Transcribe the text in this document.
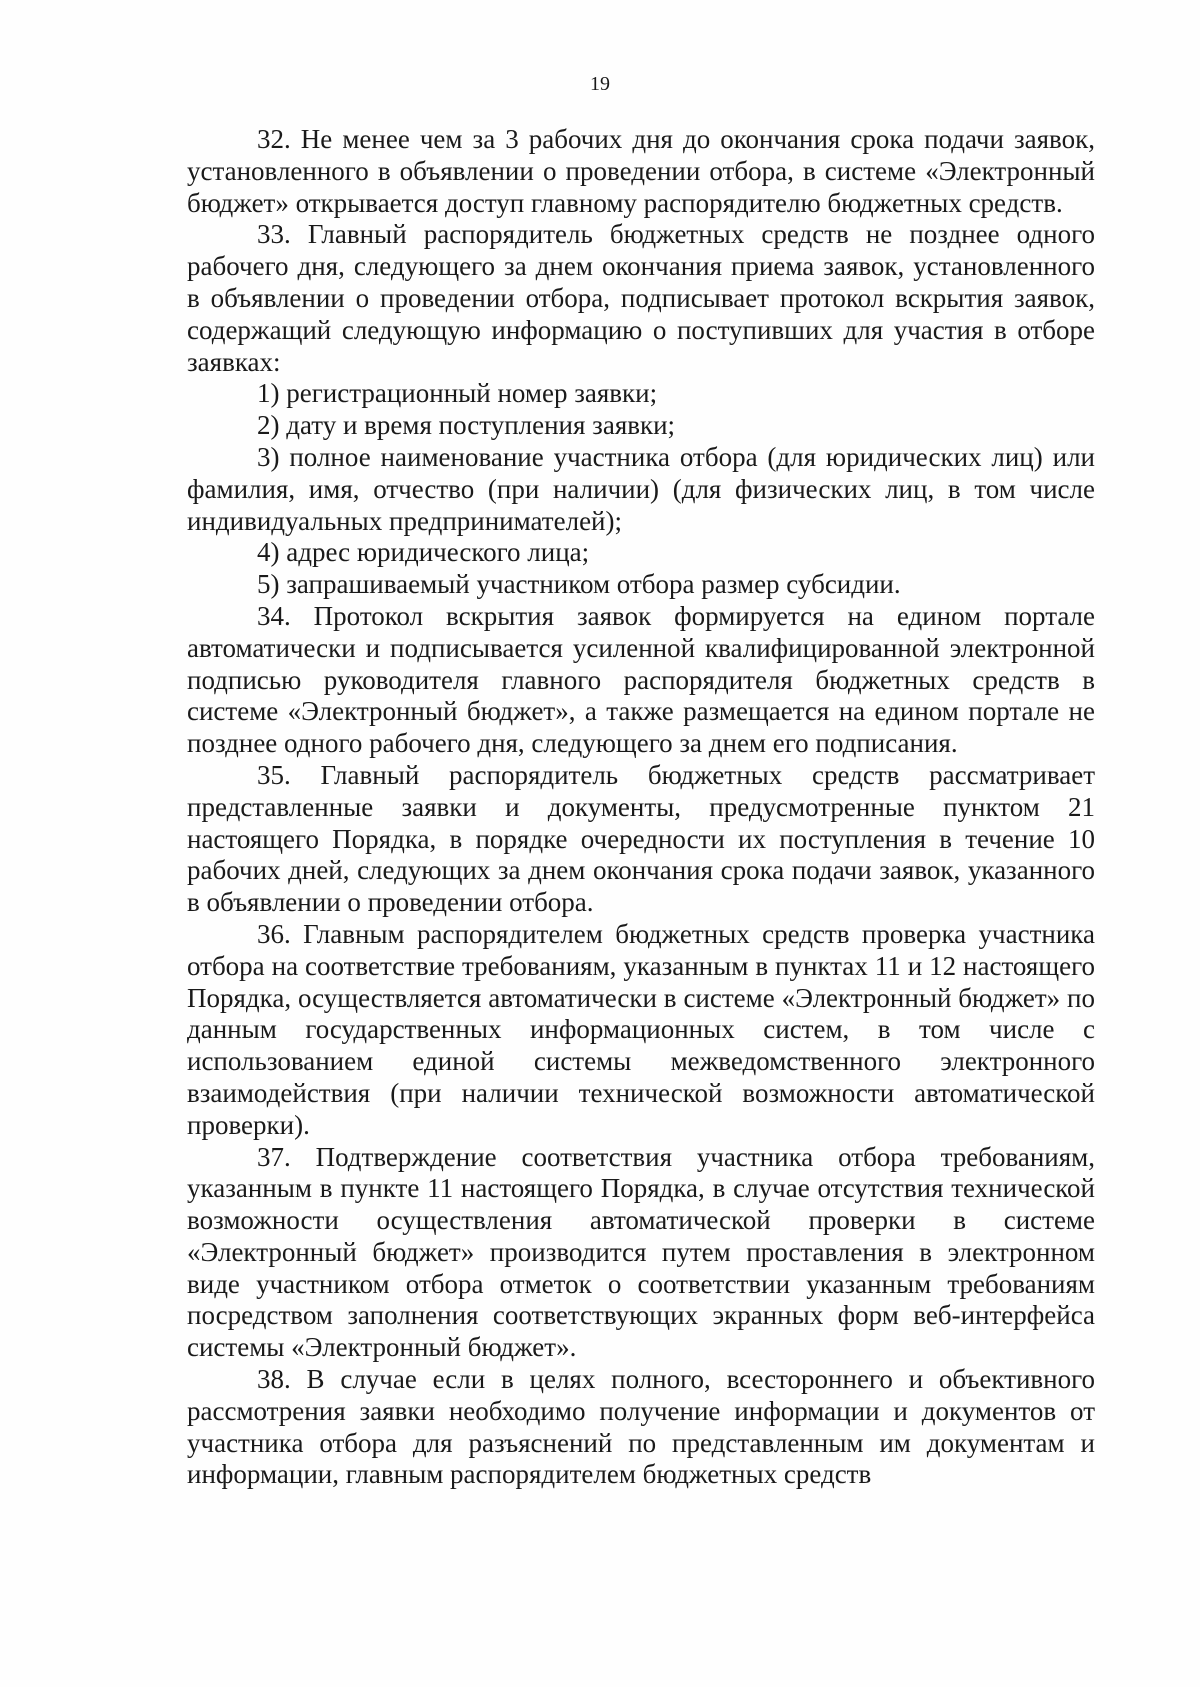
19

32. Не менее чем за 3 рабочих дня до окончания срока подачи заявок, установленного в объявлении о проведении отбора, в системе «Электронный бюджет» открывается доступ главному распорядителю бюджетных средств.

33. Главный распорядитель бюджетных средств не позднее одного рабочего дня, следующего за днем окончания приема заявок, установленного в объявлении о проведении отбора, подписывает протокол вскрытия заявок, содержащий следующую информацию о поступивших для участия в отборе заявках:

1) регистрационный номер заявки;

2) дату и время поступления заявки;

3) полное наименование участника отбора (для юридических лиц) или фамилия, имя, отчество (при наличии) (для физических лиц, в том числе индивидуальных предпринимателей);

4) адрес юридического лица;

5) запрашиваемый участником отбора размер субсидии.

34. Протокол вскрытия заявок формируется на едином портале автоматически и подписывается усиленной квалифицированной электронной подписью руководителя главного распорядителя бюджетных средств в системе «Электронный бюджет», а также размещается на едином портале не позднее одного рабочего дня, следующего за днем его подписания.

35. Главный распорядитель бюджетных средств рассматривает представленные заявки и документы, предусмотренные пунктом 21 настоящего Порядка, в порядке очередности их поступления в течение 10 рабочих дней, следующих за днем окончания срока подачи заявок, указанного в объявлении о проведении отбора.

36. Главным распорядителем бюджетных средств проверка участника отбора на соответствие требованиям, указанным в пунктах 11 и 12 настоящего Порядка, осуществляется автоматически в системе «Электронный бюджет» по данным государственных информационных систем, в том числе с использованием единой системы межведомственного электронного взаимодействия (при наличии технической возможности автоматической проверки).

37. Подтверждение соответствия участника отбора требованиям, указанным в пункте 11 настоящего Порядка, в случае отсутствия технической возможности осуществления автоматической проверки в системе «Электронный бюджет» производится путем проставления в электронном виде участником отбора отметок о соответствии указанным требованиям посредством заполнения соответствующих экранных форм веб-интерфейса системы «Электронный бюджет».

38. В случае если в целях полного, всестороннего и объективного рассмотрения заявки необходимо получение информации и документов от участника отбора для разъяснений по представленным им документам и информации, главным распорядителем бюджетных средств
